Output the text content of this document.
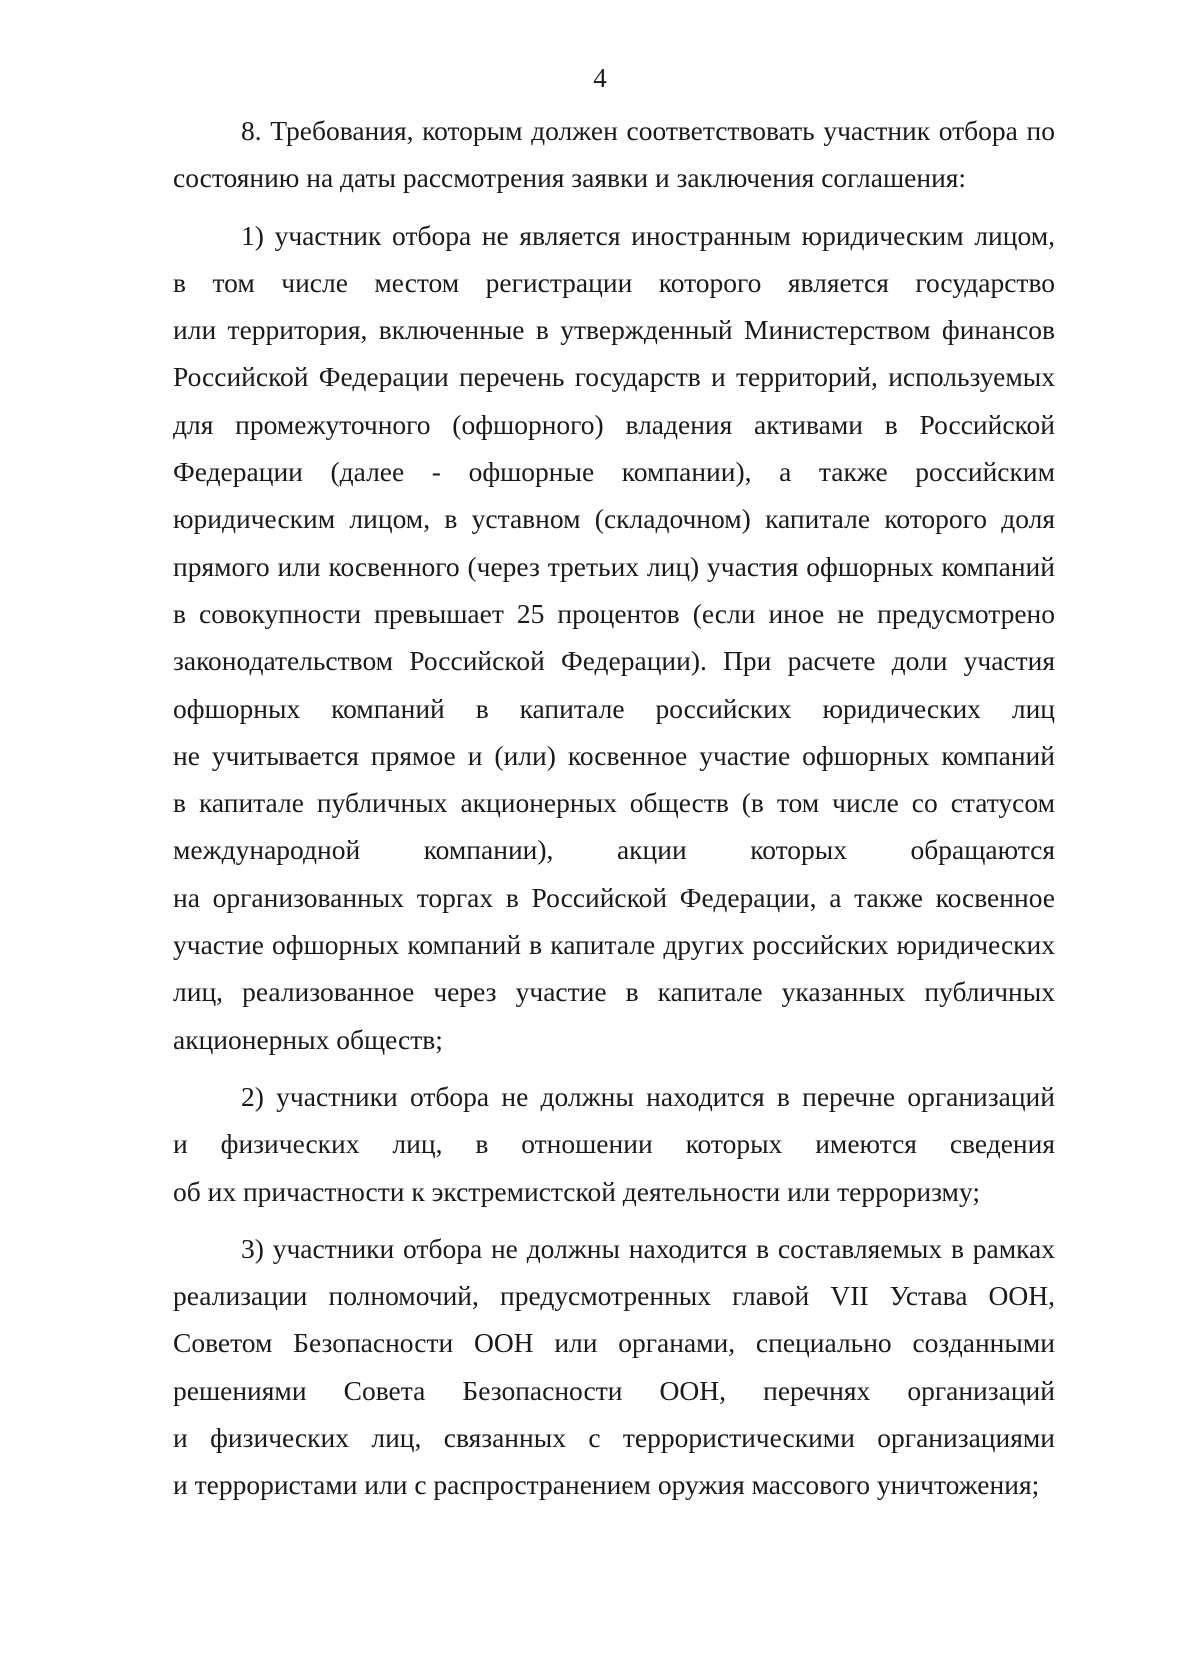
4
8. Требования, которым должен соответствовать участник отбора по
состоянию на даты рассмотрения заявки и заключения соглашения:
1) участник отбора не является иностранным юридическим лицом,
в том числе местом регистрации которого является государство
или территория, включенные в утвержденный Министерством финансов
Российской Федерации перечень государств и территорий, используемых
для промежуточного (офшорного) владения активами в Российской
Федерации (далее - офшорные компании), а также российским
юридическим лицом, в уставном (складочном) капитале которого доля
прямого или косвенного (через третьих лиц) участия офшорных компаний
в совокупности превышает 25 процентов (если иное не предусмотрено
законодательством Российской Федерации). При расчете доли участия
офшорных компаний в капитале российских юридических лиц
не учитывается прямое и (или) косвенное участие офшорных компаний
в капитале публичных акционерных обществ (в том числе со статусом
международной компании), акции которых обращаются
на организованных торгах в Российской Федерации, а также косвенное
участие офшорных компаний в капитале других российских юридических
лиц, реализованное через участие в капитале указанных публичных
акционерных обществ;
2) участники отбора не должны находится в перечне организаций
и физических лиц, в отношении которых имеются сведения
об их причастности к экстремистской деятельности или терроризму;
3) участники отбора не должны находится в составляемых в рамках
реализации полномочий, предусмотренных главой VII Устава ООН,
Советом Безопасности ООН или органами, специально созданными
решениями Совета Безопасности ООН, перечнях организаций
и физических лиц, связанных с террористическими организациями
и террористами или с распространением оружия массового уничтожения;
